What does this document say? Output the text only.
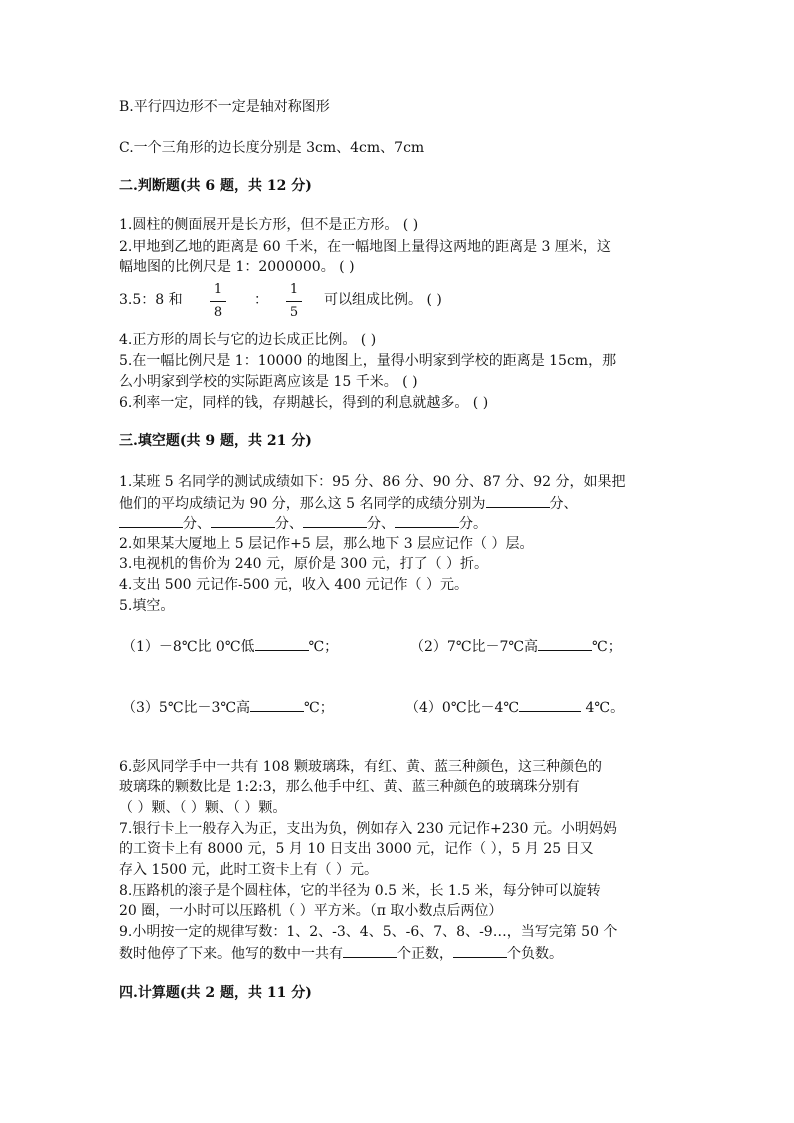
B.平行四边形不一定是轴对称图形
C.一个三角形的边长度分别是 3cm、4cm、7cm
二.判断题(共 6 题，共 12 分)
1.圆柱的侧面展开是长方形，但不是正方形。 ( )
2.甲地到乙地的距离是 60 千米，在一幅地图上量得这两地的距离是 3 厘米，这
幅地图的比例尺是 1：2000000。 ( )
3.5：8 和 $\frac{1}{8}$ ： $\frac{1}{5}$ 可以组成比例。 ( )
4.正方形的周长与它的边长成正比例。 ( )
5.在一幅比例尺是 1：10000 的地图上，量得小明家到学校的距离是 15cm，那
么小明家到学校的实际距离应该是 15 千米。 ( )
6.利率一定，同样的钱，存期越长，得到的利息就越多。 ( )
三.填空题(共 9 题，共 21 分)
1.某班 5 名同学的测试成绩如下：95 分、86 分、90 分、87 分、92 分，如果把
他们的平均成绩记为 90 分，那么这 5 名同学的成绩分别为	分、
分、	分、	分、	分。
2.如果某大厦地上 5 层记作+5 层，那么地下 3 层应记作（ ）层。
3.电视机的售价为 240 元，原价是 300 元，打了（ ）折。
4.支出 500 元记作-500 元，收入 400 元记作（ ）元。
5.填空。
（1）－8℃比 0℃低	℃；	（2）7℃比－7℃高	℃；
（3）5℃比－3℃高	℃；	（4）0℃比－4℃	4℃。
6.彭风同学手中一共有 108 颗玻璃珠，有红、黄、蓝三种颜色，这三种颜色的
玻璃珠的颗数比是 1:2:3，那么他手中红、黄、蓝三种颜色的玻璃珠分别有
（ ）颗、（ ）颗、（ ）颗。
7.银行卡上一般存入为正，支出为负，例如存入 230 元记作+230 元。小明妈妈
的工资卡上有 8000 元，5 月 10 日支出 3000 元，记作（ ），5 月 25 日又
存入 1500 元，此时工资卡上有（ ）元。
8.压路机的滚子是个圆柱体，它的半径为 0.5 米，长 1.5 米，每分钟可以旋转
20 圈，一小时可以压路机（ ）平方米。（π 取小数点后两位）
9.小明按一定的规律写数：1、2、-3、4、5、-6、7、8、-9…，当写完第 50 个
数时他停了下来。他写的数中一共有	个正数，	个负数。
四.计算题(共 2 题，共 11 分)
